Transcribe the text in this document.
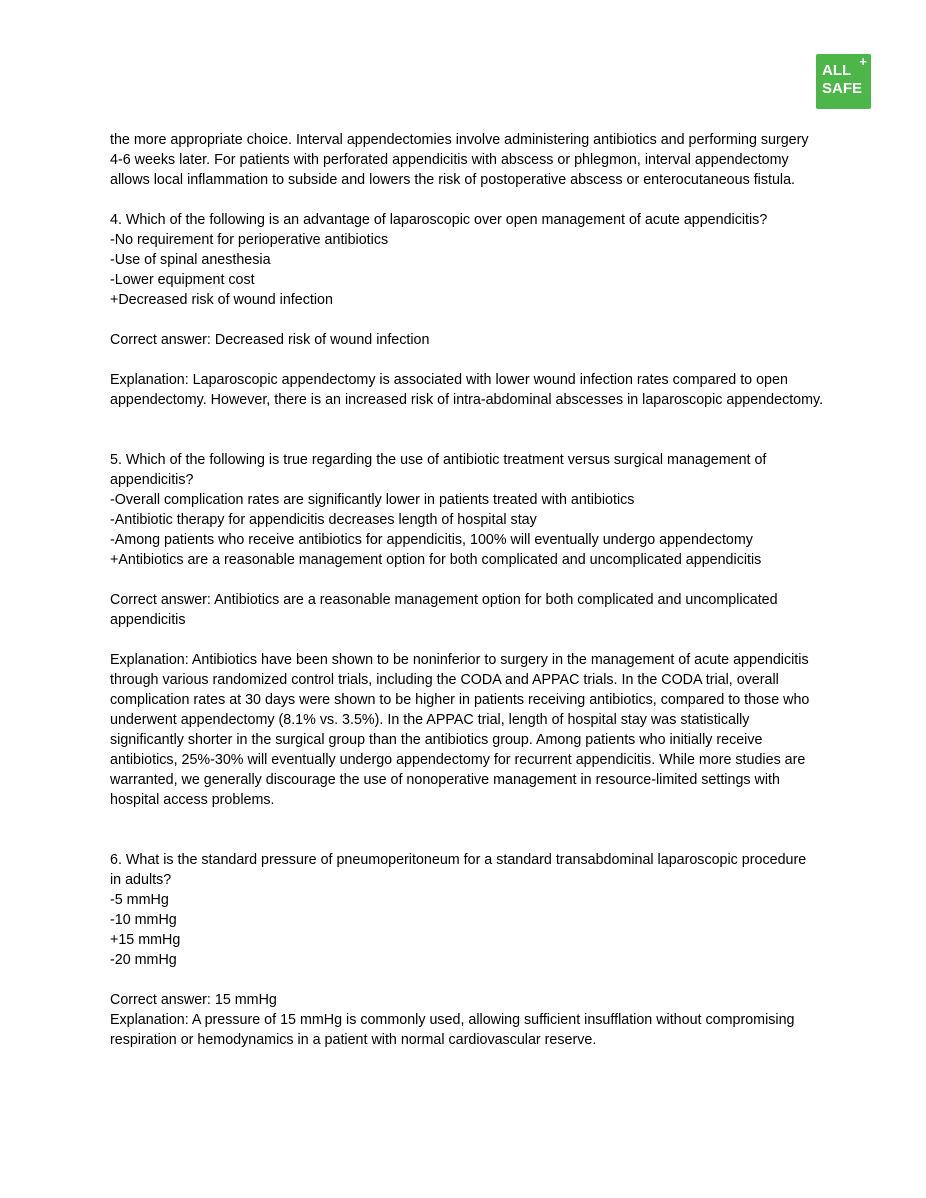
ALL
SAFE
+
the more appropriate choice. Interval appendectomies involve administering antibiotics and performing surgery
4-6 weeks later. For patients with perforated appendicitis with abscess or phlegmon, interval appendectomy
allows local inflammation to subside and lowers the risk of postoperative abscess or enterocutaneous fistula.
4. Which of the following is an advantage of laparoscopic over open management of acute appendicitis?
-No requirement for perioperative antibiotics
-Use of spinal anesthesia
-Lower equipment cost
+Decreased risk of wound infection
Correct answer: Decreased risk of wound infection
Explanation: Laparoscopic appendectomy is associated with lower wound infection rates compared to open
appendectomy. However, there is an increased risk of intra-abdominal abscesses in laparoscopic appendectomy.
5. Which of the following is true regarding the use of antibiotic treatment versus surgical management of
appendicitis?
-Overall complication rates are significantly lower in patients treated with antibiotics
-Antibiotic therapy for appendicitis decreases length of hospital stay
-Among patients who receive antibiotics for appendicitis, 100% will eventually undergo appendectomy
+Antibiotics are a reasonable management option for both complicated and uncomplicated appendicitis
Correct answer: Antibiotics are a reasonable management option for both complicated and uncomplicated
appendicitis
Explanation: Antibiotics have been shown to be noninferior to surgery in the management of acute appendicitis
through various randomized control trials, including the CODA and APPAC trials. In the CODA trial, overall
complication rates at 30 days were shown to be higher in patients receiving antibiotics, compared to those who
underwent appendectomy (8.1% vs. 3.5%). In the APPAC trial, length of hospital stay was statistically
significantly shorter in the surgical group than the antibiotics group. Among patients who initially receive
antibiotics, 25%-30% will eventually undergo appendectomy for recurrent appendicitis. While more studies are
warranted, we generally discourage the use of nonoperative management in resource-limited settings with
hospital access problems.
6. What is the standard pressure of pneumoperitoneum for a standard transabdominal laparoscopic procedure
in adults?
-5 mmHg
-10 mmHg
+15 mmHg
-20 mmHg
Correct answer: 15 mmHg
Explanation: A pressure of 15 mmHg is commonly used, allowing sufficient insufflation without compromising
respiration or hemodynamics in a patient with normal cardiovascular reserve.
